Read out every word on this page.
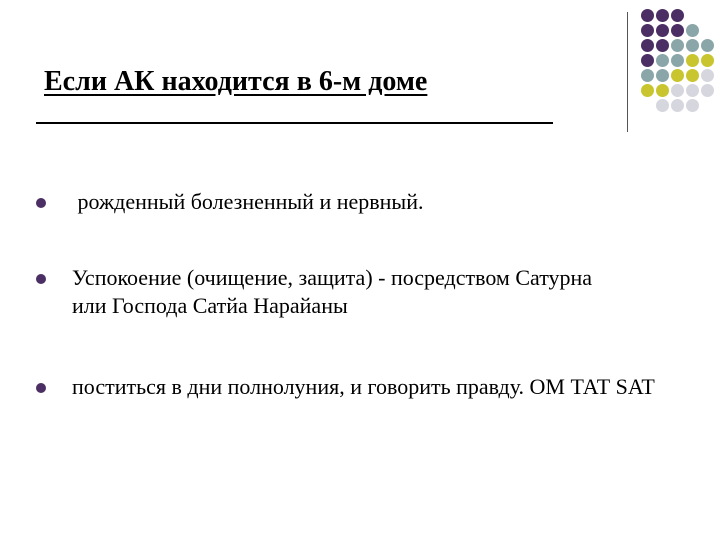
Если АК находится в 6-м доме
рожденный болезненный и нервный.
Успокоение (очищение, защита) - посредством Сатурна или Господа Сатйа Нарайаны
поститься в дни полнолуния, и говорить правду. ОМ ТАТ SAT
